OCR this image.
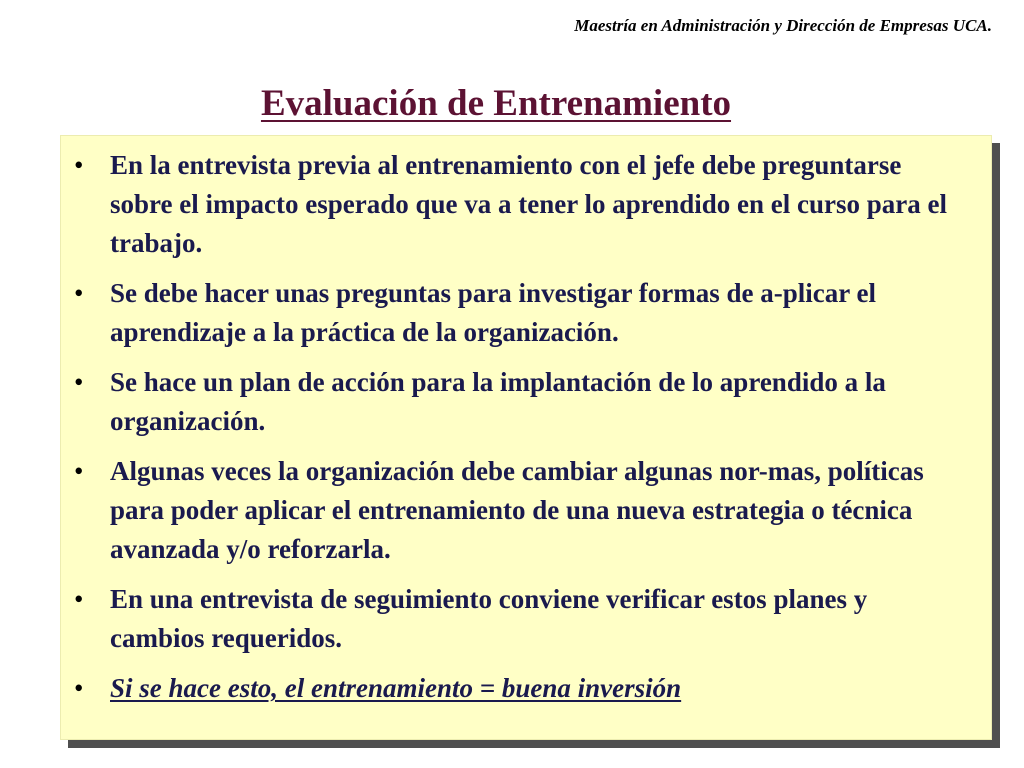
Maestría en Administración y Dirección de Empresas UCA.
Evaluación de Entrenamiento
• En la entrevista previa al entrenamiento con el jefe debe preguntarse sobre el impacto esperado que va a tener lo aprendido en el curso para el trabajo.
• Se debe hacer unas preguntas para investigar formas de a-plicar el aprendizaje a la práctica de la organización.
• Se hace un plan de acción para la implantación de lo aprendido a la organización.
• Algunas veces la organización debe cambiar algunas nor-mas, políticas para poder aplicar el entrenamiento de una nueva estrategia o técnica avanzada y/o reforzarla.
• En una entrevista de seguimiento conviene verificar estos planes y cambios requeridos.
• Si se hace esto, el entrenamiento = buena inversión
